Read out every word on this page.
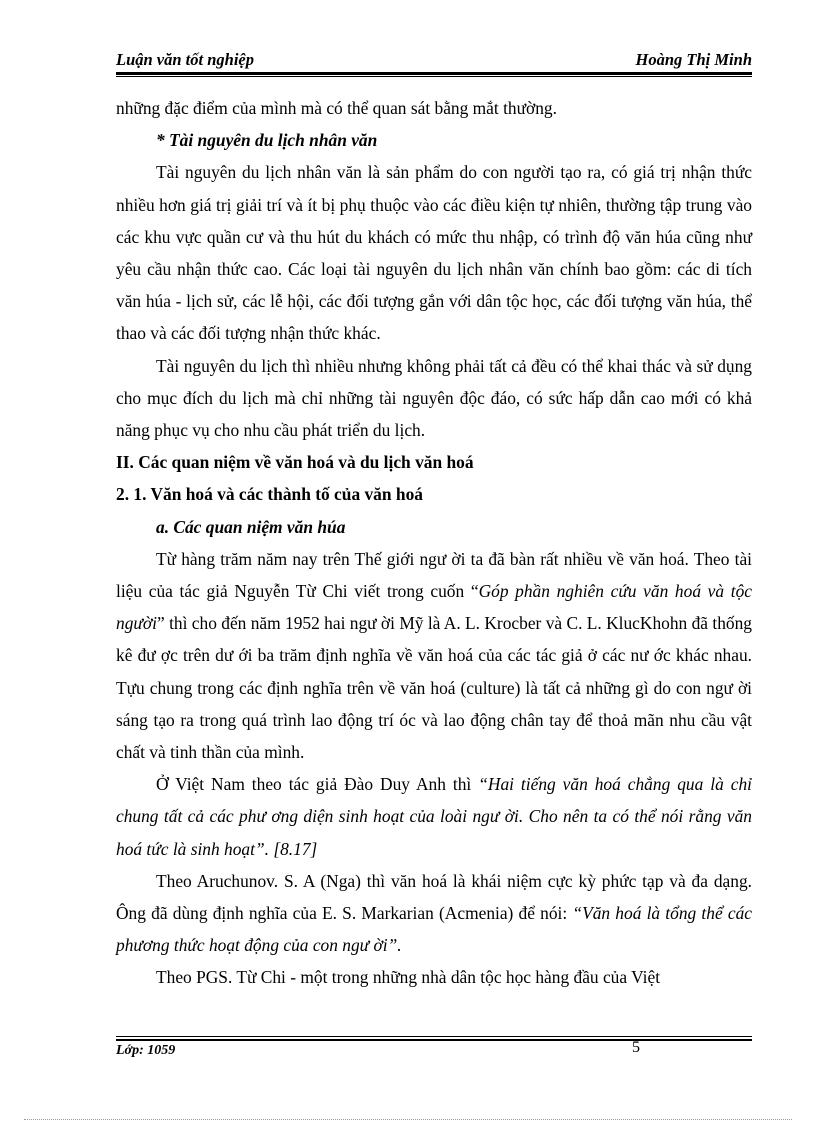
Luận văn tốt nghiệp	Hoàng Thị Minh

những đặc điểm của mình mà có thể quan sát bằng mắt thường.

* Tài nguyên du lịch nhân văn

Tài nguyên du lịch nhân văn là sản phẩm do con người tạo ra, có giá trị nhận thức nhiều hơn giá trị giải trí và ít bị phụ thuộc vào các điều kiện tự nhiên, thường tập trung vào các khu vực quần cư và thu hút du khách có mức thu nhập, có trình độ văn húa cũng như yêu cầu nhận thức cao. Các loại tài nguyên du lịch nhân văn chính bao gồm: các di tích văn húa - lịch sử, các lễ hội, các đối tượng gắn với dân tộc học, các đối tượng văn húa, thể thao và các đối tượng nhận thức khác.

Tài nguyên du lịch thì nhiều nhưng không phải tất cả đều có thể khai thác và sử dụng cho mục đích du lịch mà chỉ những tài nguyên độc đáo, có sức hấp dẫn cao mới có khả năng phục vụ cho nhu cầu phát triển du lịch.

II. Các quan niệm về văn hoá và du lịch văn hoá

2. 1. Văn hoá và các thành tố của văn hoá

a. Các quan niệm văn húa

Từ hàng trăm năm nay trên Thế giới ngư ời ta đã bàn rất nhiều về văn hoá. Theo tài liệu của tác giả Nguyễn Từ Chi viết trong cuốn “Góp phần nghiên cứu văn hoá và tộc người” thì cho đến năm 1952 hai ngư ời Mỹ là A. L. Krocber và C. L. KlucKhohn đã thống kê đư ợc trên dư ới ba trăm định nghĩa về văn hoá của các tác giả ở các nư ớc khác nhau. Tựu chung trong các định nghĩa trên về văn hoá (culture) là tất cả những gì do con ngư ời sáng tạo ra trong quá trình lao động trí óc và lao động chân tay để thoả mãn nhu cầu vật chất và tinh thần của mình.

Ở Việt Nam theo tác giả Đào Duy Anh thì “Hai tiếng văn hoá chẳng qua là chỉ chung tất cả các phư ơng diện sinh hoạt của loài ngư ời. Cho nên ta có thể nói rằng văn hoá tức là sinh hoạt”. [8.17]

Theo Aruchunov. S. A (Nga) thì văn hoá là khái niệm cực kỳ phức tạp và đa dạng. Ông đã dùng định nghĩa của E. S. Markarian (Acmenia) để nói: “Văn hoá là tổng thể các phương thức hoạt động của con ngư ời”.

Theo PGS. Từ Chi - một trong những nhà dân tộc học hàng đầu của Việt

Lớp: 1059	5
